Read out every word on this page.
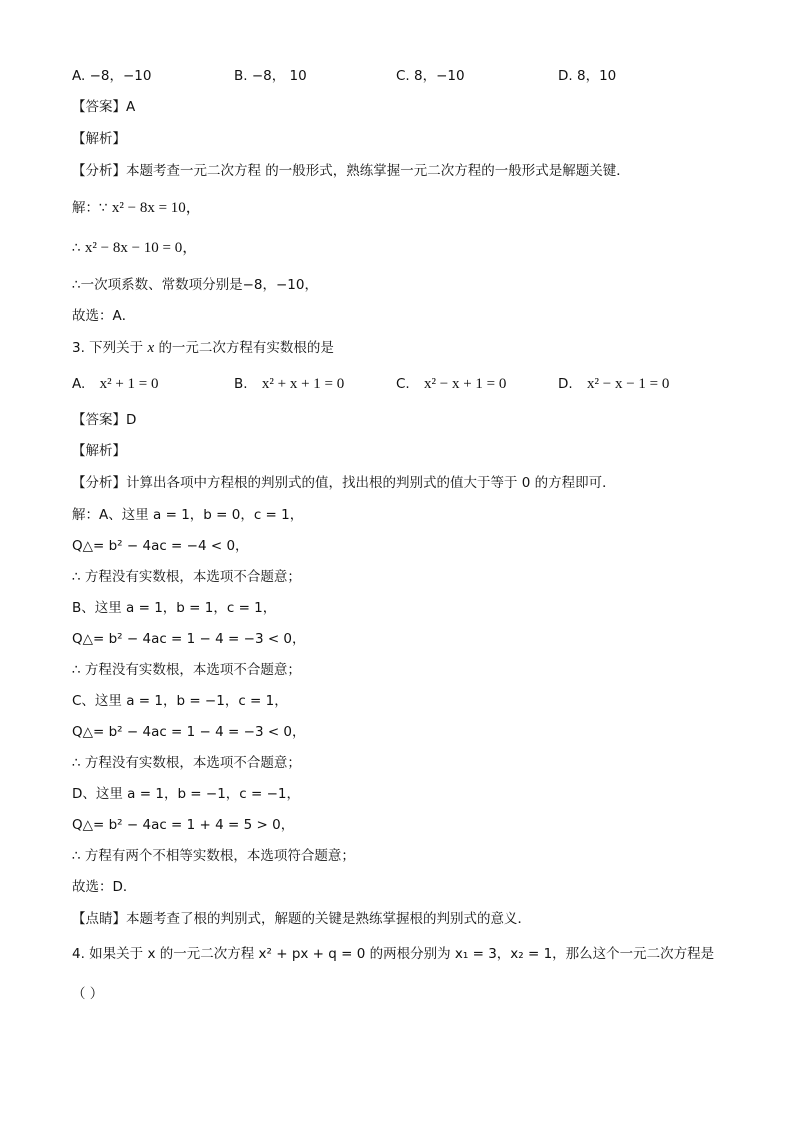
A. −8，−10	B. −8， 10	C. 8，−10	D. 8，10
【答案】A
【解析】
【分析】本题考查一元二次方程 的一般形式，熟练掌握一元二次方程的一般形式是解题关键．
解：∵ x² − 8x = 10，
∴ x² − 8x − 10 = 0，
∴一次项系数、常数项分别是−8，−10，
故选：A．
3. 下列关于 x 的一元二次方程有实数根的是
A. x² + 1 = 0	B. x² + x + 1 = 0	C. x² − x + 1 = 0	D. x² − x − 1 = 0
【答案】D
【解析】
【分析】计算出各项中方程根的判别式的值，找出根的判别式的值大于等于 0 的方程即可．
解：A、这里 a = 1，b = 0，c = 1，
Q△= b² − 4ac = −4 < 0，
∴ 方程没有实数根，本选项不合题意；
B、这里 a = 1，b = 1，c = 1，
Q△= b² − 4ac = 1 − 4 = −3 < 0，
∴ 方程没有实数根，本选项不合题意；
C、这里 a = 1，b = −1，c = 1，
Q△= b² − 4ac = 1 − 4 = −3 < 0，
∴ 方程没有实数根，本选项不合题意；
D、这里 a = 1，b = −1，c = −1，
Q△= b² − 4ac = 1 + 4 = 5 > 0，
∴ 方程有两个不相等实数根，本选项符合题意；
故选：D．
【点睛】本题考查了根的判别式，解题的关键是熟练掌握根的判别式的意义．
4. 如果关于 x 的一元二次方程 x² + px + q = 0 的两根分别为 x₁ = 3，x₂ = 1，那么这个一元二次方程是
（ ）
